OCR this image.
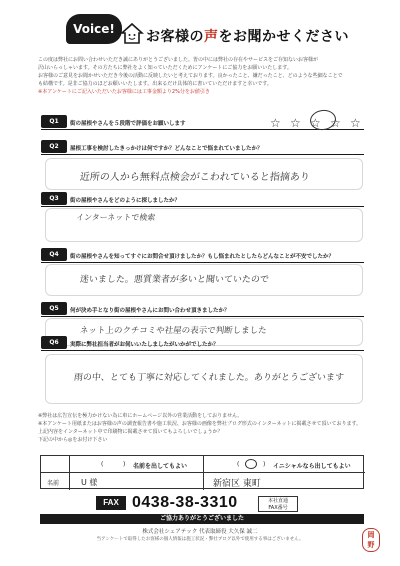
Voice!	お客様の声をお聞かせください

この度は弊社にお問い合わせいただき誠にありがとうございました。皆の中には弊社の存在やサービスをご存知ないお客様が

沢山いらっしゃいます。その方たちに弊社をよく知っていただくためにアンケートにご協力をお願いいたします。

お客様のご意見をお聞かせいただき今後の活動に反映したいと考えております。良かったこと、嫌だったこと、どのような些細なことで

も結構です。是非ご協力のほどお願いいたします。出来るだけ具体的に書いていただけますと幸いです。

※本アンケートにご記入いただいたお客様には工事金額より2%分をお値引き

Q1	街の屋根やさんを５段階で評価をお願いします	☆ ☆ ☆ ☆ ☆
Q2	屋根工事を検討したきっかけは何ですか？どんなことで悩まれていましたか？
近所の人から無料点検会がこわれていると指摘あり
Q3	街の屋根やさんをどのように探しましたか？
インターネットで検索
Q4	街の屋根やさんを知ってすぐにお問合せ頂けましたか？もし悩まれたとしたらどんなことが不安でしたか？
迷いました。悪質業者が多いと聞いていたので
Q5	何が決め手となり街の屋根やさんにお問い合わせ頂きましたか？
ネット上のクチコミや社屋の表示で判断しました
Q6	実際に弊社担当者がお伺いいたしましたがいかがでしたか？
雨の中、とても丁寧に対応してくれました。ありがとうございます

※弊社は広告宣伝を極力かけない為に車にホームページ以外の営業活動をしておりません。

※本アンケート用紙またはお客様の声の調査報告書や施工状況、お客様の画像を弊社ブログ形式のインターネットに掲載させて頂いております。

上記内容をインターネット中で印刷物に掲載させて頂いてもよろしいでしょうか？

下記の中から◎をお付け下さい

(	) 名前を出してもよい	(	) イニシャルなら出してもよい
名前	U 様	新宿区 東町
FAX 0438-38-3310	本社直通
FAX番号
ご協力ありがとうございました
株式会社シェアテック 代表取締役 大久保 誠二
当アンケートで取得したお客様の個人情報は施工状況・弊社ブログ以外で使用する事はございません。
岡
野
